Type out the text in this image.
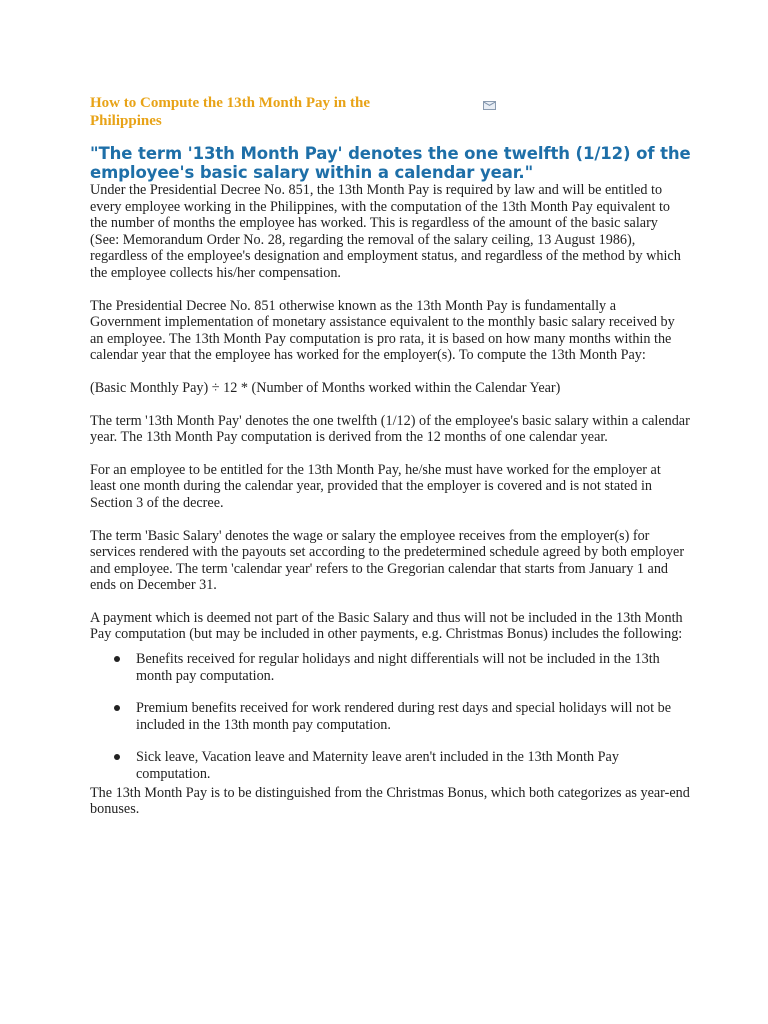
How to Compute the 13th Month Pay in the Philippines
"The term '13th Month Pay' denotes the one twelfth (1/12) of the employee's basic salary within a calendar year."

Under the Presidential Decree No. 851, the 13th Month Pay is required by law and will be entitled to every employee working in the Philippines, with the computation of the 13th Month Pay equivalent to the number of months the employee has worked. This is regardless of the amount of the basic salary (See: Memorandum Order No. 28, regarding the removal of the salary ceiling, 13 August 1986), regardless of the employee's designation and employment status, and regardless of the method by which the employee collects his/her compensation.

The Presidential Decree No. 851 otherwise known as the 13th Month Pay is fundamentally a Government implementation of monetary assistance equivalent to the monthly basic salary received by an employee. The 13th Month Pay computation is pro rata, it is based on how many months within the calendar year that the employee has worked for the employer(s). To compute the 13th Month Pay:

(Basic Monthly Pay) ÷ 12 * (Number of Months worked within the Calendar Year)

The term '13th Month Pay' denotes the one twelfth (1/12) of the employee's basic salary within a calendar year. The 13th Month Pay computation is derived from the 12 months of one calendar year.

For an employee to be entitled for the 13th Month Pay, he/she must have worked for the employer at least one month during the calendar year, provided that the employer is covered and is not stated in Section 3 of the decree.

The term 'Basic Salary' denotes the wage or salary the employee receives from the employer(s) for services rendered with the payouts set according to the predetermined schedule agreed by both employer and employee. The term 'calendar year' refers to the Gregorian calendar that starts from January 1 and ends on December 31.

A payment which is deemed not part of the Basic Salary and thus will not be included in the 13th Month Pay computation (but may be included in other payments, e.g. Christmas Bonus) includes the following:

Benefits received for regular holidays and night differentials will not be included in the 13th month pay computation.
Premium benefits received for work rendered during rest days and special holidays will not be included in the 13th month pay computation.
Sick leave, Vacation leave and Maternity leave aren't included in the 13th Month Pay computation.

The 13th Month Pay is to be distinguished from the Christmas Bonus, which both categorizes as year-end bonuses.
